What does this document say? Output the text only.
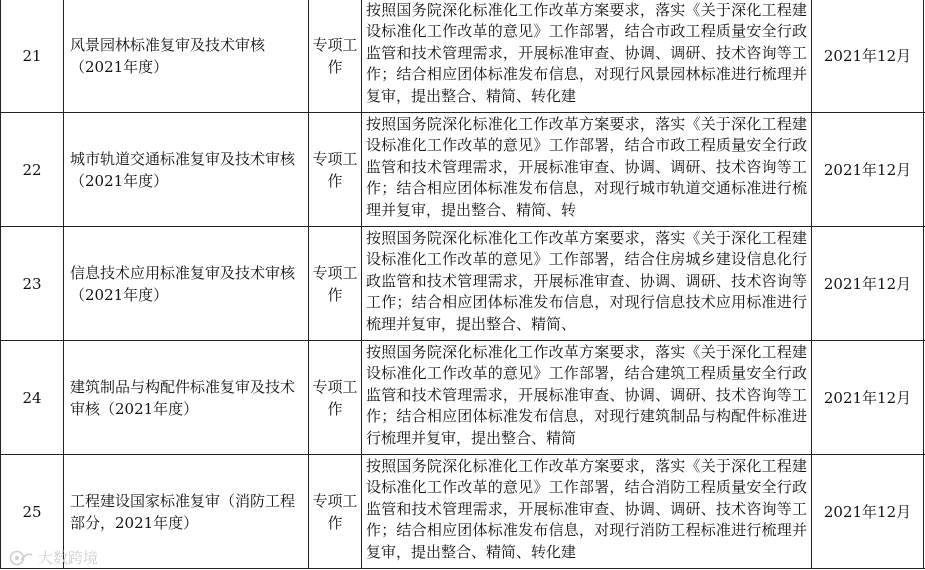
21	风景园林标准复审及技术审核（2021年度）	专项工作	按照国务院深化标准化工作改革方案要求，落实《关于深化工程建设标准化工作改革的意见》工作部署，结合市政工程质量安全行政监管和技术管理需求，开展标准审查、协调、调研、技术咨询等工作；结合相应团体标准发布信息，对现行风景园林标准进行梳理并复审，提出整合、精简、转化建	2021年12月	
22	城市轨道交通标准复审及技术审核（2021年度）	专项工作	按照国务院深化标准化工作改革方案要求，落实《关于深化工程建设标准化工作改革的意见》工作部署，结合市政工程质量安全行政监管和技术管理需求，开展标准审查、协调、调研、技术咨询等工作；结合相应团体标准发布信息，对现行城市轨道交通标准进行梳理并复审，提出整合、精简、转	2021年12月	
23	信息技术应用标准复审及技术审核（2021年度）	专项工作	按照国务院深化标准化工作改革方案要求，落实《关于深化工程建设标准化工作改革的意见》工作部署，结合住房城乡建设信息化行政监管和技术管理需求，开展标准审查、协调、调研、技术咨询等工作；结合相应团体标准发布信息，对现行信息技术应用标准进行梳理并复审，提出整合、精简、	2021年12月	
24	建筑制品与构配件标准复审及技术审核（2021年度）	专项工作	按照国务院深化标准化工作改革方案要求，落实《关于深化工程建设标准化工作改革的意见》工作部署，结合建筑工程质量安全行政监管和技术管理需求，开展标准审查、协调、调研、技术咨询等工作；结合相应团体标准发布信息，对现行建筑制品与构配件标准进行梳理并复审，提出整合、精简	2021年12月	
25	工程建设国家标准复审（消防工程部分，2021年度）	专项工作	按照国务院深化标准化工作改革方案要求，落实《关于深化工程建设标准化工作改革的意见》工作部署，结合消防工程质量安全行政监管和技术管理需求，开展标准审查、协调、调研、技术咨询等工作；结合相应团体标准发布信息，对现行消防工程标准进行梳理并复审，提出整合、精简、转化建	2021年12月	
大数跨境
